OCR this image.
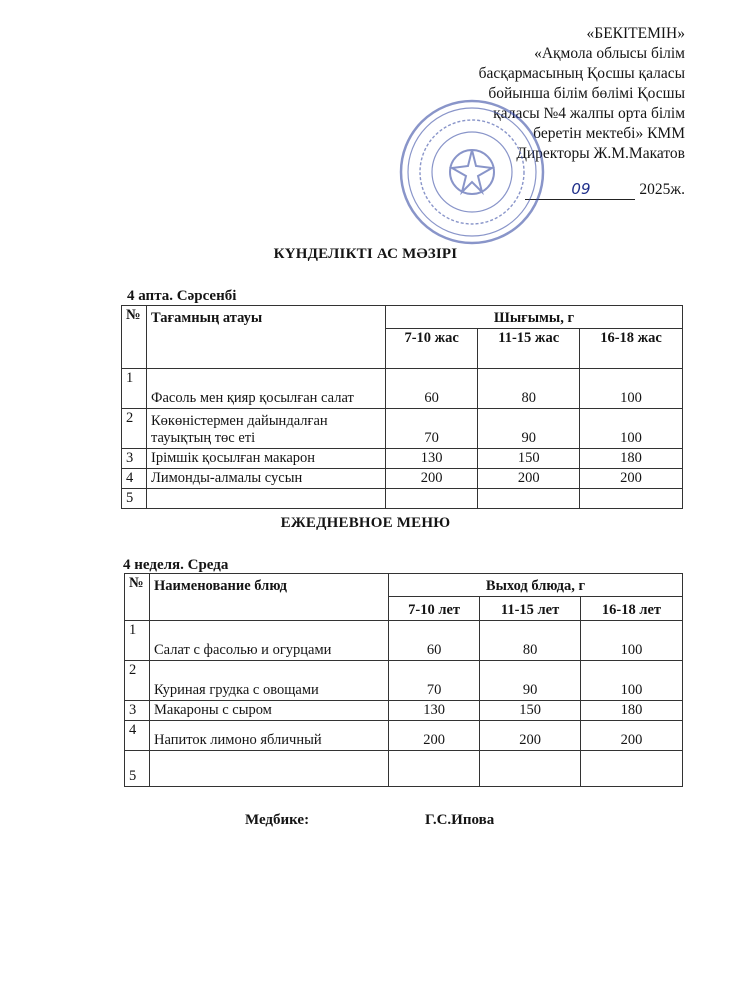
«БЕКІТЕМІН»
«Ақмола облысы білім
басқармасының Қосшы қаласы
бойынша білім бөлімі Қосшы
қаласы №4 жалпы орта білім
беретін мектебі» КММ
Директоры Ж.М.Макатов
09	2025ж.
КҮНДЕЛІКТІ АС МӘЗІРІ
4 апта. Сәрсенбі
№	Тағамның атауы	Шығымы, г		
		7-10 жас	11-15 жас	16-18 жас
1	Фасоль мен қияр қосылған салат	60	80	100
2	Көкөністермен дайындалған тауықтың төс еті	70	90	100
3	Ірімшік қосылған макарон	130	150	180
4	Лимонды-алмалы сусын	200	200	200
5				
ЕЖЕДНЕВНОЕ МЕНЮ
4 неделя. Среда
№	Наименование блюд	Выход блюда, г		
		7-10 лет	11-15 лет	16-18 лет
1	Салат с фасолью и огурцами	60	80	100
2	Куриная грудка с овощами	70	90	100
3	Макароны с сыром	130	150	180
4	Напиток лимоно ябличный	200	200	200
5				
Медбике:	Г.С.Ипова
